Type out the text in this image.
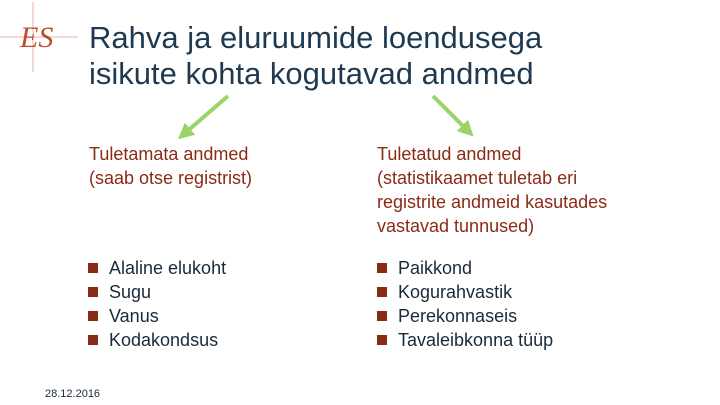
ES Rahva ja eluruumide loendusega
isikute kohta kogutavad andmed
Tuletamata andmed
(saab otse registrist)
Tuletatud andmed
(statistikaamet tuletab eri
registrite andmeid kasutades
vastavad tunnused)
Alaline elukoht
Sugu
Vanus
Kodakondsus
Paikkond
Kogurahvastik
Perekonnaseis
Tavaleibkonna tüüp
28.12.2016
